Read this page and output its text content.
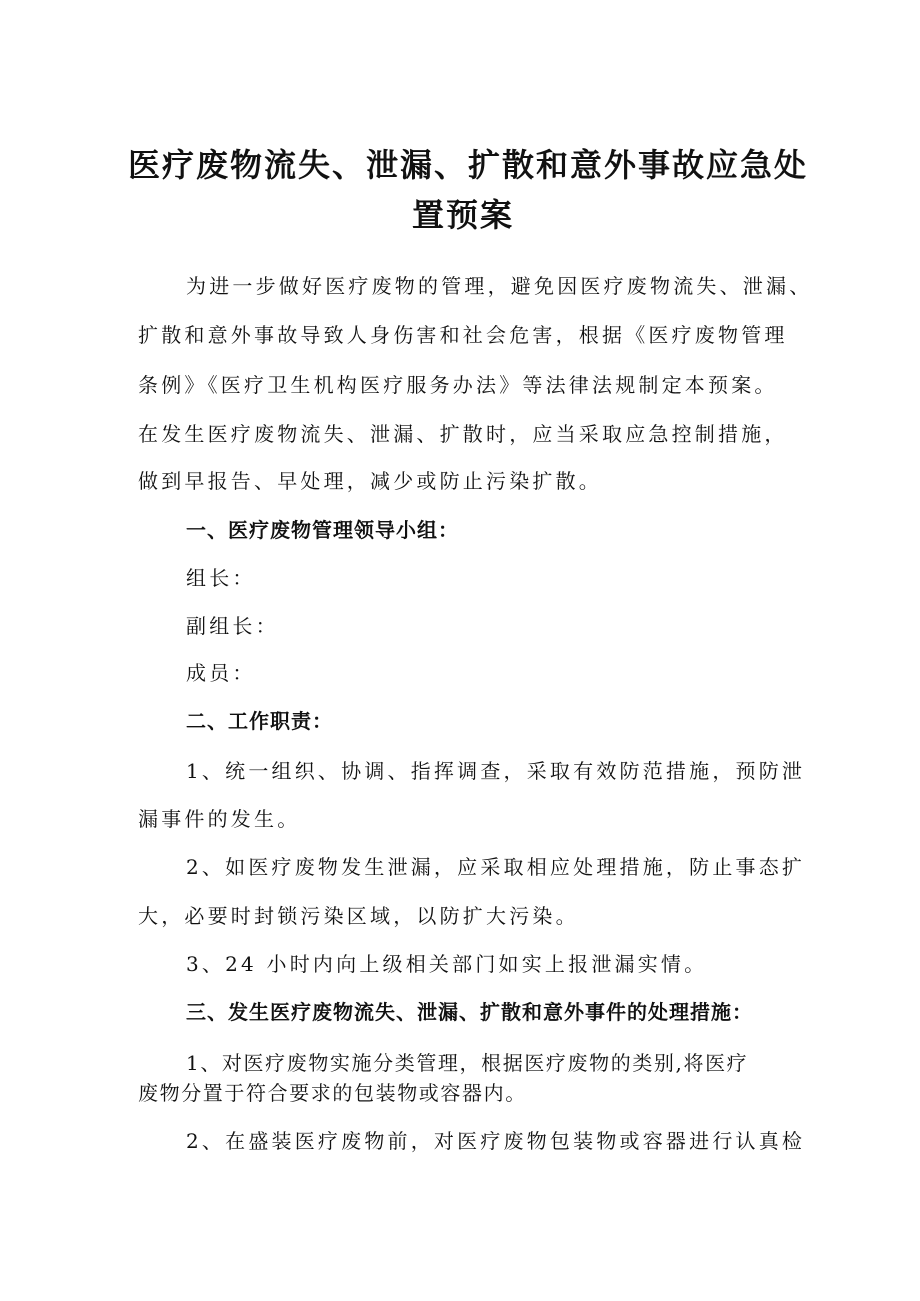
医疗废物流失、泄漏、扩散和意外事故应急处
置预案
为进一步做好医疗废物的管理，避免因医疗废物流失、泄漏、
扩散和意外事故导致人身伤害和社会危害，根据《医疗废物管理
条例》《医疗卫生机构医疗服务办法》等法律法规制定本预案。
在发生医疗废物流失、泄漏、扩散时，应当采取应急控制措施，
做到早报告、早处理，减少或防止污染扩散。
一、医疗废物管理领导小组：
组长：
副组长：
成员：
二、工作职责：
1、统一组织、协调、指挥调查，采取有效防范措施，预防泄
漏事件的发生。
2、如医疗废物发生泄漏，应采取相应处理措施，防止事态扩
大，必要时封锁污染区域，以防扩大污染。
3、24 小时内向上级相关部门如实上报泄漏实情。
三、发生医疗废物流失、泄漏、扩散和意外事件的处理措施：
1、对医疗废物实施分类管理，根据医疗废物的类别,将医疗
废物分置于符合要求的包装物或容器内。
2、在盛装医疗废物前，对医疗废物包装物或容器进行认真检
